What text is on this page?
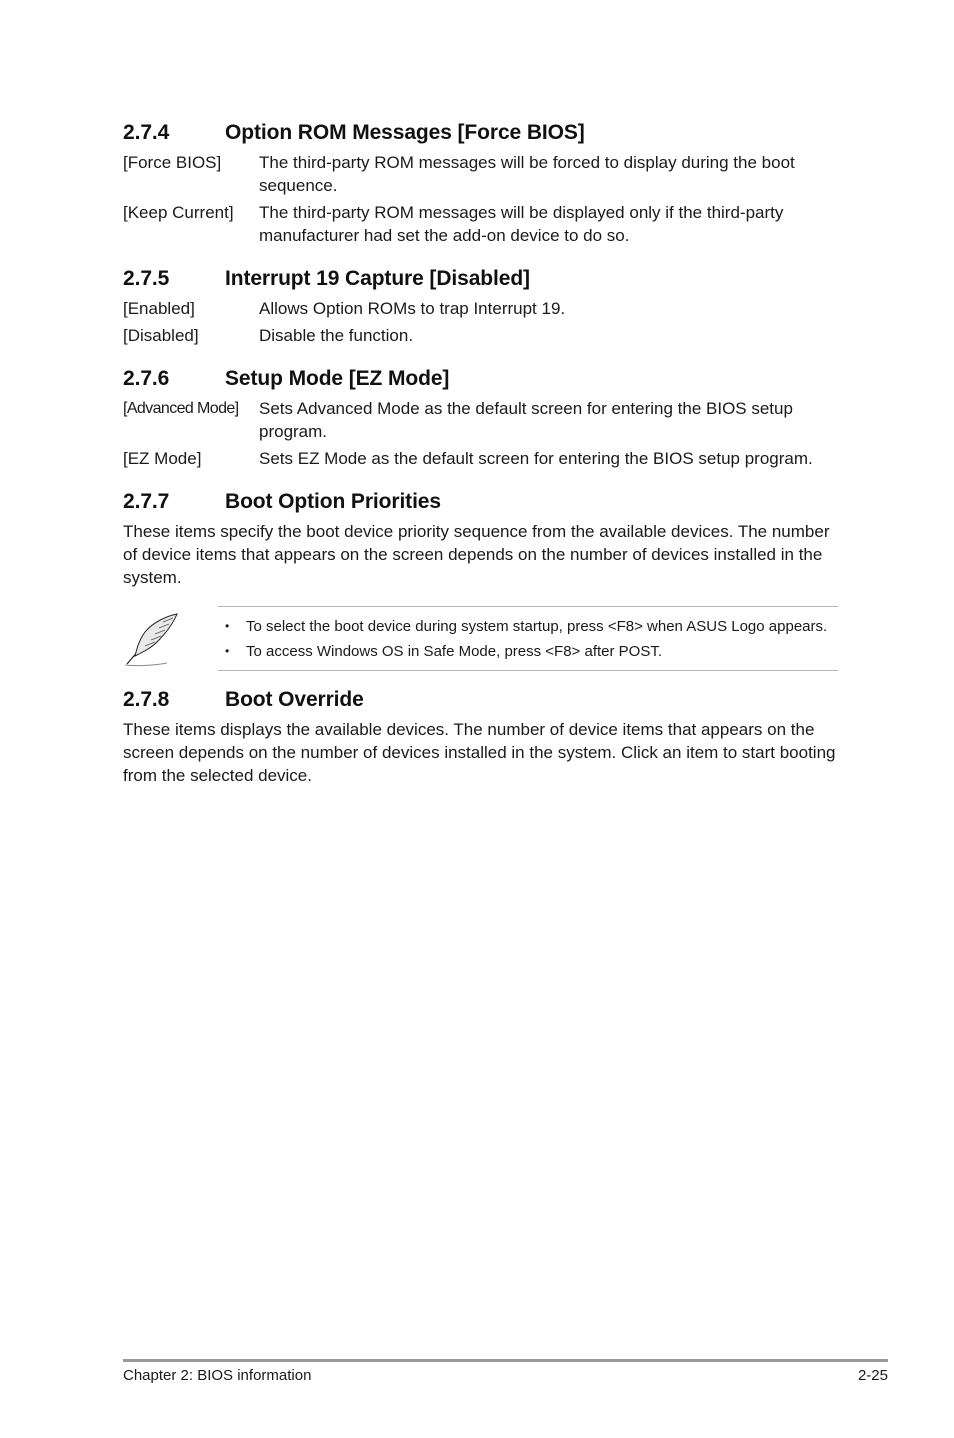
2.7.4	Option ROM Messages [Force BIOS]
[Force BIOS]	The third-party ROM messages will be forced to display during the boot sequence.
[Keep Current]	The third-party ROM messages will be displayed only if the third-party manufacturer had set the add-on device to do so.
2.7.5	Interrupt 19 Capture [Disabled]
[Enabled]	Allows Option ROMs to trap Interrupt 19.
[Disabled]	Disable the function.
2.7.6	Setup Mode [EZ Mode]
[Advanced Mode]	Sets Advanced Mode as the default screen for entering the BIOS setup program.
[EZ Mode]	Sets EZ Mode as the default screen for entering the BIOS setup program.
2.7.7	Boot Option Priorities

These items specify the boot device priority sequence from the available devices. The number of device items that appears on the screen depends on the number of devices installed in the system.

•	To select the boot device during system startup, press <F8> when ASUS Logo appears.
•	To access Windows OS in Safe Mode, press <F8> after POST.
2.7.8	Boot Override

These items displays the available devices. The number of device items that appears on the screen depends on the number of devices installed in the system. Click an item to start booting from the selected device.

Chapter 2: BIOS information	2-25
